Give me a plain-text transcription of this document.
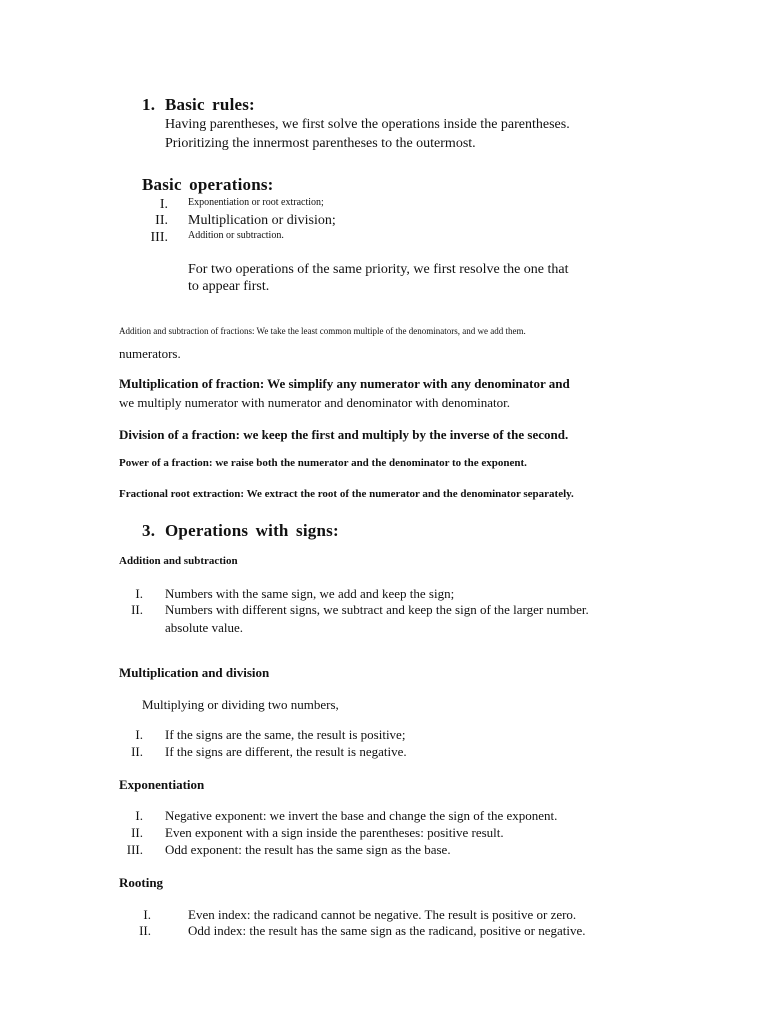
1. Basic rules:
Having parentheses, we first solve the operations inside the parentheses.
Prioritizing the innermost parentheses to the outermost.
Basic operations:
I. Exponentiation or root extraction;
II. Multiplication or division;
III. Addition or subtraction.
For two operations of the same priority, we first resolve the one that
to appear first.
Addition and subtraction of fractions: We take the least common multiple of the denominators, and we add them.
numerators.
Multiplication of fraction: We simplify any numerator with any denominator and
we multiply numerator with numerator and denominator with denominator.
Division of a fraction: we keep the first and multiply by the inverse of the second.
Power of a fraction: we raise both the numerator and the denominator to the exponent.
Fractional root extraction: We extract the root of the numerator and the denominator separately.
3. Operations with signs:
Addition and subtraction
I. Numbers with the same sign, we add and keep the sign;
II. Numbers with different signs, we subtract and keep the sign of the larger number.
absolute value.
Multiplication and division
Multiplying or dividing two numbers,
I. If the signs are the same, the result is positive;
II. If the signs are different, the result is negative.
Exponentiation
I. Negative exponent: we invert the base and change the sign of the exponent.
II. Even exponent with a sign inside the parentheses: positive result.
III. Odd exponent: the result has the same sign as the base.
Rooting
I.	Even index: the radicand cannot be negative. The result is positive or zero.
II.	Odd index: the result has the same sign as the radicand, positive or negative.
